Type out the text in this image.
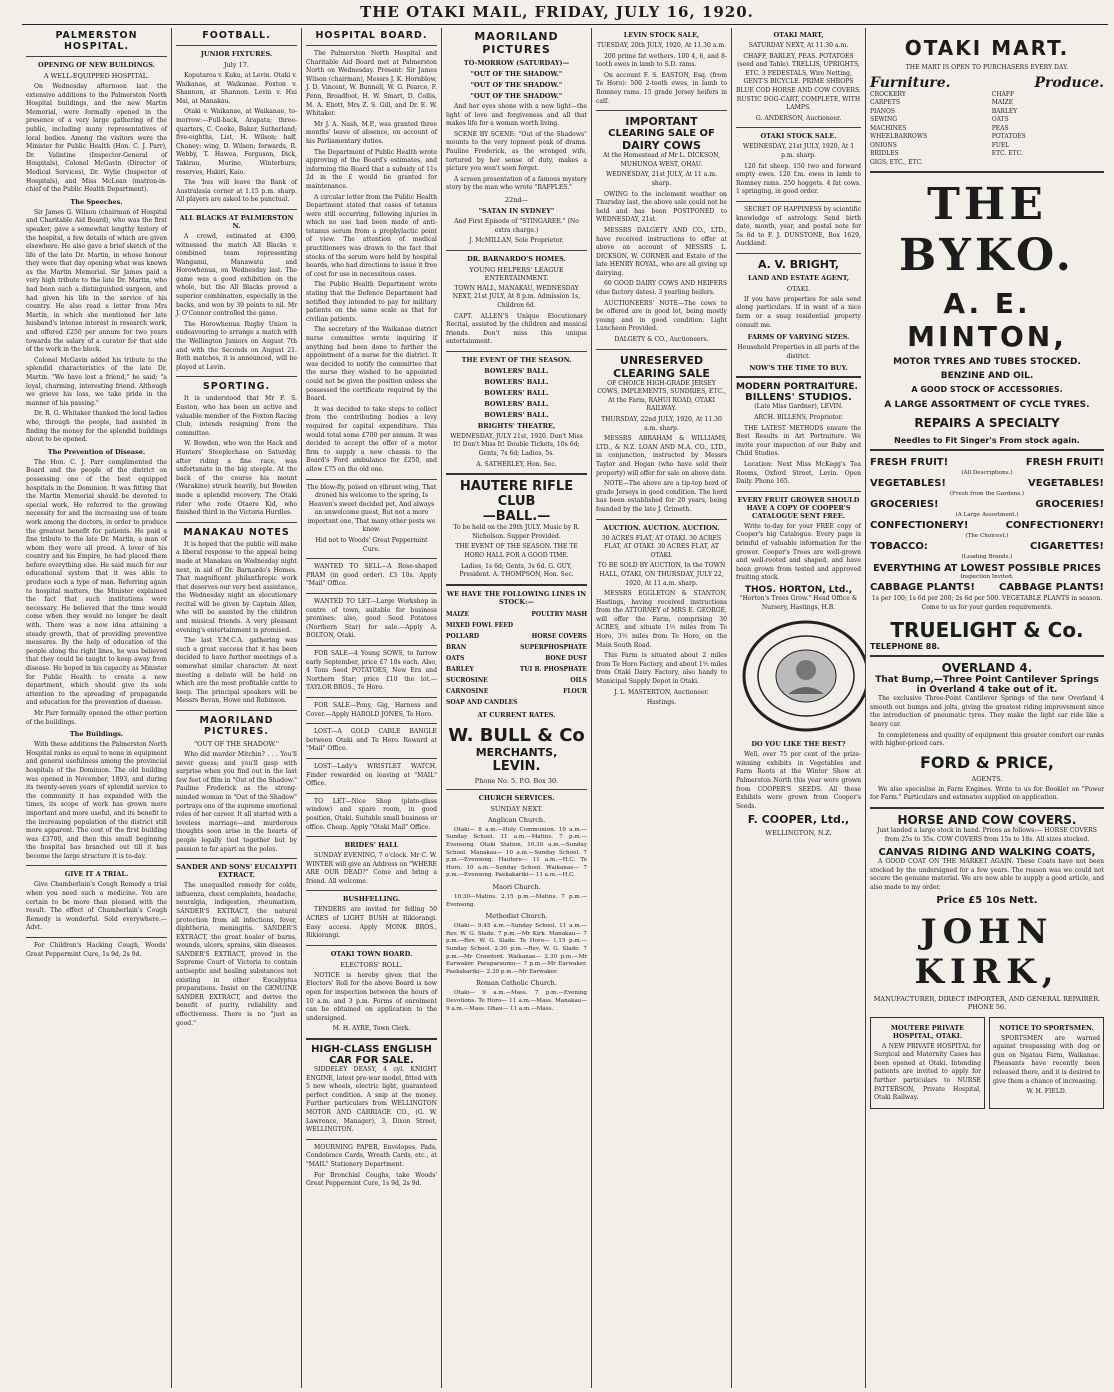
THE OTAKI MAIL, FRIDAY, JULY 16, 1920.
PALMERSTON HOSPITAL.
OPENING OF NEW BUILDINGS.
A WELL-EQUIPPED HOSPITAL.

On Wednesday afternoon last the extensive additions to the Palmerston North Hospital buildings, and the new Martin Memorial, were formally opened in the presence of a very large gathering of the public, including many representatives of local bodies. Among the visitors were the Minister for Public Health (Hon. C. J. Parr), Dr. Valintine (Inspector-General of Hospitals), Colonel McGavin (Director of Medical Services), Dr. Wylie (Inspector of Hospitals), and Miss McLean (matron-in-chief of the Public Health Department).

The Speeches.

Sir James G. Wilson (chairman of Hospital and Charitable Aid Board), who was the first speaker, gave a somewhat lengthy history of the hospital, a few details of which are given elsewhere. He also gave a brief sketch of the life of the late Dr. Martin, in whose honour they were that day opening what was known as the Martin Memorial. Sir James paid a very high tribute to the late Dr. Martin, who had been such a distinguished surgeon, and had given his life in the service of his country. He also read a letter from Mrs Martin, in which she mentioned her late husband's intense interest in research work, and offered £250 per annum for two years towards the salary of a curator for that side of the work in the block.

Colonel McGavin added his tribute to the splendid characteristics of the late Dr. Martin. "We have lost a friend," he said; "a loyal, charming, interesting friend. Although we grieve his loss, we take pride in the manner of his passing."

Dr. R. G. Whitaker thanked the local ladies who, through the people, had assisted in finding the money for the splendid buildings about to be opened.

The Prevention of Disease.

The Hon. C. J. Parr complimented the Board and the people of the district on possessing one of the best equipped hospitals in the Dominion. It was fitting that the Martin Memorial should be devoted to special work. He referred to the growing necessity for and the increasing use of team work among the doctors, in order to produce the greatest benefit for patients. He paid a fine tribute to the late Dr. Martin, a man of whom they were all proud. A lover of his country and his Empire, he had placed them before everything else. He said much for our educational system that it was able to produce such a type of man. Referring again to hospital matters, the Minister explained the fact that such institutions were necessary. He believed that the time would come when they would no longer be dealt with. There was a new idea attaining a steady growth, that of providing preventive measures. By the help of education of the people along the right lines, he was believed that they could be taught to keep away from disease. He hoped in his capacity as Minister for Public Health to create a new department, which should give its sole attention to the spreading of propaganda and education for the prevention of disease.

Mr Parr formally opened the other portion of the buildings.

The Buildings.

With these additions the Palmerston North Hospital ranks as equal to none in equipment and general usefulness among the provincial hospitals of the Dominion. The old building was opened in November, 1893, and during its twenty-seven years of splendid service to the community it has expanded with the times, its scope of work has grown more important and more useful, and its benefit to the increasing population of the district still more apparent. The cost of the first building was £3700, and then this small beginning the hospital has branched out till it has become the large structure it is to-day.

GIVE IT A TRIAL.

Give Chamberlain's Cough Remedy a trial when you need such a medicine. You are certain to be more than pleased with the result. The effect of Chamberlain's Cough Remedy is wonderful. Sold everywhere.—Advt.

For Children's Hacking Cough, Woods' Great Peppermint Cure, 1s 9d, 2s 9d.

FOOTBALL.
JUNIOR FIXTURES.
July 17.

Koputaroa v. Kuku, at Levin. Otaki v. Waikanae, at Waikanae. Foxton v. Shannon, at Shannon. Levin v. Hui Mai, at Manakau.

Otaki v. Waikanae, at Waikanae, to-morrow:—Full-back, Arapata; three-quarters, C. Cooke, Baker, Sutherland; five-eighths, List, H. Wilson; half, Chaney; wing, D. Wilson; forwards, R. Webby, T. Hawea, Ferguson, Dick, Takirau, Murino, Winterbura; reserves, Hakiri, Kaio.

The 'bus will leave the Bank of Australasia corner at 1.15 p.m. sharp. All players are asked to be punctual.

ALL BLACKS AT PALMERSTON N.

A crowd, estimated at 4300, witnessed the match All Blacks v. combined team representing Wanganui, Manawatu and Horowhenua, on Wednesday last. The game was a good exhibition on the whole, but the All Blacks proved a superior combination, especially in the backs, and won by 39 points to nil. Mr J. O'Connor controlled the game.

The Horowhenua Rugby Union is endeavouring to arrange a match with the Wellington Juniors on August 7th and with the Seconds on August 21. Both matches, it is announced, will be played at Levin.

SPORTING.

It is understood that Mr F. S. Easton, who has been an active and valuable member of the Foxton Racing Club, intends resigning from the committee.

W. Bowden, who won the Hack and Hunters' Steeplechase on Saturday, after riding a fine race, was unfortunate in the big steeple. At the back of the course his mount (Warakino) struck heavily, but Bowden made a splendid recovery. The Otaki rider who rode Otaere Kid, who finished third in the Victoria Hurdles.

MANAKAU NOTES

It is hoped that the public will make a liberal response to the appeal being made at Manakau on Wednesday night next, in aid of Dr. Barnardo's Homes. That magnificent philanthropic work that deserves our very best assistance, the Wednesday night an elocutionary recital will be given by Captain Allen, who will be assisted by the children and musical friends. A very pleasant evening's entertainment is promised.

The last Y.M.C.A. gathering was such a great success that it has been decided to have further meetings of a somewhat similar character. At next meeting a debate will be held on which are the most profitable cattle to keep. The principal speakers will be Messrs Bevan, Howe and Robinson.

MAORILAND PICTURES.
"OUT OF THE SHADOW."

Who did murder Mitchin? . . . You'll never guess; and you'll gasp with surprise when you find out in the last few feet of film in "Out of the Shadow." Pauline Frederick as the strong-minded woman in "Out of the Shadow" portrays one of the supreme emotional roles of her career. It all started with a loveless marriage—and murderous thoughts soon arise in the hearts of people legally tied together but by passion to far apart as the poles.

SANDER AND SONS' EUCALYPTI EXTRACT.

The unequalled remedy for colds, influenza, chest complaints, headache, neuralgia, indigestion, rheumatism, SANDER'S EXTRACT, the natural protection from all infections, fever, diphtheria, meningitis. SANDER'S EXTRACT, the great healer of burns, wounds, ulcers, sprains, skin diseases. SANDER'S EXTRACT, proved in the Supreme Court of Victoria to contain antiseptic and healing substances not existing in other Eucalyptus preparations. Insist on the GENUINE SANDER EXTRACT, and derive the benefit of purity, reliability and effectiveness. There is no "just as good."

HOSPITAL BOARD.

The Palmerston North Hospital and Charitable Aid Board met at Palmerston North on Wednesday. Present: Sir James Wilson (chairman), Messrs J. K. Hornblow, J. D. Vincent, W. Bunnell, W. G. Pearce, F. Penn, Broadfoot, H. W. Smart, D. Collis, M. A. Eliott, Mrs Z. S. Gill, and Dr. E. W. Whitaker.

Mr J. A. Nash, M.P., was granted three months' leave of absence, on account of his Parliamentary duties.

The Department of Public Health wrote approving of the Board's estimates, and informing the Board that a subsidy of 11s 2d in the £ would be granted for maintenance.

A circular letter from the Public Health Department stated that cases of tetanus were still occurring, following injuries in which no use had been made of anti-tetanus serum from a prophylactic point of view. The attention of medical practitioners was drawn to the fact that stocks of the serum were held by hospital boards, who had directions to issue it free of cost for use in necessitous cases.

The Public Health Department wrote stating that the Defence Department had notified they intended to pay for military patients on the same scale as that for civilian patients.

The secretary of the Waikanae district nurse committee wrote inquiring if anything had been done to further the appointment of a nurse for the district. It was decided to notify the committee that the nurse they wished to be appointed could not be given the position unless she possessed the certificate required by the Board.

It was decided to take steps to collect from the contributing bodies a levy required for capital expenditure. This would total some £700 per annum. It was decided to accept the offer of a motor firm to supply a new chassis to the Board's Ford ambulance for £250, and allow £75 on the old one.

The blow-fly, poised on vibrant wing, That droned his welcome to the spring, Is Heaven's sweet decided pet, And always an unwelcome guest, But not a more important one, That many other pests we know.

Hid not to Woods' Great Peppermint Cure.

WANTED TO SELL—A Rose-shaped PRAM (in good order). £3 10s. Apply "Mail" Office.

WANTED TO LET—Large Workshop in centre of town, suitable for business premises; also, good Seed Potatoes (Northern Star) for sale.—Apply A. BOLTON, Otaki.

FOR SALE—4 Young SOWS, to farrow early September, price £7 10s each. Also, 4 Tons Seed POTATOES, New Era and Northern Star; price £10 the lot.—TAYLOR BROS., Te Horo.

FOR SALE—Pony, Gig, Harness and Cover.—Apply HAROLD JONES, Te Horo.

LOST—A GOLD CABLE BANGLE between Otaki and Te Horo. Reward at "Mail" Office.

LOST—Lady's WRISTLET WATCH. Finder rewarded on leaving at "MAIL" Office.

TO LET—Nice Shop (plate-glass window) and spare room, in good position, Otaki. Suitable small business or office. Cheap. Apply "Otaki Mail" Office.

BRIDES' HALL

SUNDAY EVENING, 7 o'clock. Mr C. W. WINTER will give an Address on "WHERE ARE OUR DEAD?" Come and bring a friend. All welcome.

BUSHFELLING.

TENDERS are invited for felling 50 ACRES of LIGHT BUSH at Rikiorangi. Easy access. Apply MONK BROS., Rikiorangi.

OTAKI TOWN BOARD.
ELECTORS' ROLL.

NOTICE is hereby given that the Electors' Roll for the above Board is now open for inspection between the hours of 10 a.m. and 3 p.m. Forms of enrolment can be obtained on application to the undersigned.

M. H. AYRE, Town Clerk.

HIGH-CLASS ENGLISH CAR FOR SALE.

SIDDELEY DEASY, 4 cyl. KNIGHT ENGINE, latest pre-war model, fitted with 5 new wheels, electric light, guaranteed perfect condition. A snip at the money. Further particulars from WELLINGTON MOTOR AND CARRIAGE CO., (G. W. Lawrence, Manager), 3, Dixon Street, WELLINGTON.

MOURNING PAPER, Envelopes, Pads, Condolence Cards, Wreath Cards, etc., at "MAIL" Stationery Department.

For Bronchial Coughs, take Woods' Great Peppermint Cure, 1s 9d, 2s 9d.

MAORILAND PICTURES
TO-MORROW (SATURDAY)—
"OUT OF THE SHADOW."
"OUT OF THE SHADOW."
"OUT OF THE SHADOW."

And her eyes shone with a new light—the light of love and forgiveness and all that makes life for a woman worth living.

SCENE BY SCENE: "Out of the Shadows" mounts to the very topmost peak of drama. Pauline Frederick, as the wronged wife, tortured by her sense of duty, makes a picture you won't soon forget.

A screen presentation of a famous mystery story by the man who wrote "RAFFLES."

22nd—
"SATAN IN SYDNEY"

And First Episode of "STINGAREE." (No extra charge.)

J. McMILLAN, Sole Proprietor.

DR. BARNARDO'S HOMES.
YOUNG HELPERS' LEAGUE ENTERTAINMENT.

TOWN HALL, MANAKAU, WEDNESDAY NEXT, 21st JULY, At 8 p.m. Admission 1s, Children 6d.

CAPT. ALLEN'S Unique Elocutionary Recital, assisted by the children and musical friends. Don't miss this unique entertainment.

THE EVENT OF THE SEASON.
BOWLERS' BALL.
BOWLERS' BALL.
BOWLERS' BALL.
BOWLERS' BALL.
BOWLERS' BALL.
BRIGHTS' THEATRE,

WEDNESDAY, JULY 21st, 1920. Don't Miss It! Don't Miss It! Double Tickets, 10s 6d; Gents, 7s 6d; Ladies, 5s.

A. SATHERLEY, Hon. Sec.

HAUTERE RIFLE CLUB
—BALL.—

To be held on the 29th JULY. Music by R. Nicholson. Supper Provided.

THE EVENT OF THE SEASON. THE TE HORO HALL FOR A GOOD TIME.

Ladies, 1s 6d; Gents, 3s 6d. G. GUY, President. A. THOMPSON, Hon. Sec.

WE HAVE THE FOLLOWING LINES IN STOCK:—
MAIZE	POULTRY MASH
MIXED FOWL FEED
POLLARD	HORSE COVERS
BRAN	SUPERPHOSPHATE
OATS	BONE DUST
BARLEY	TUI B. PHOSPHATE
SUCROSINE	OILS
CARNOSINE	FLOUR
SOAP AND CANDLES
AT CURRENT RATES.
W. BULL & Co
MERCHANTS,
LEVIN.
Phone No. 5. P.O. Box 30.
CHURCH SERVICES.
SUNDAY NEXT.
Anglican Church.

Otaki— 8 a.m.—Holy Communion. 10 a.m.—Sunday School. 11 a.m.—Matins. 7 p.m.—Evensong. Otaki Station, 10.30 a.m.—Sunday School. Manakau— 10 a.m.—Sunday School. 7 p.m.—Evensong. Hautere— 11 a.m.—H.C. Te Horo, 10 a.m.—Sunday School. Waikanae— 7 p.m.—Evensong. Paekakariki— 11 a.m.—H.C.

Maori Church.

10.30—Matins. 2.15 p.m.—Matins. 7 p.m.—Evensong.

Methodist Church.

Otaki— 9.45 a.m.—Sunday School. 11 a.m.—Rev. W. G. Slade. 7 p.m.—Mr Kirk. Manakau— 7 p.m.—Rev. W. G. Slade. Te Horo— 1.15 p.m.—Sunday School. 2.30 p.m.—Rev. W. G. Slade. 7 p.m.—Mr Crawford. Waikanae— 2.30 p.m.—Mr Earwaker. Paraparaumu— 7 p.m.—Mr Earwaker. Paekakariki— 2.30 p.m.—Mr Earwaker.

Roman Catholic Church.

Otaki— 9 a.m.—Mass. 7 p.m.—Evening Devotions. Te Horo— 11 a.m.—Mass. Manakau— 9 a.m.—Mass. Ohau— 11 a.m.—Mass.

LEVIN STOCK SALE,

TUESDAY, 20th JULY, 1920, At 11.30 a.m.

200 prime fat wethers. 100 4, 6, and 8-tooth ewes in lamb to S.D. rams.

On account F. S. EASTON, Esq. (from Te Horo): 500 2-tooth ewes, in lamb to Romney rams. 15 grade Jersey heifers in calf.

IMPORTANT
CLEARING SALE OF
DAIRY COWS

At the Homestead of Mr L. DICKSON, MUHUNOA WEST, OHAU.

WEDNESDAY, 21st JULY, At 11 a.m. sharp.

OWING to the inclement weather on Thursday last, the above sale could not be held and has been POSTPONED to WEDNESDAY, 21st.

MESSRS DALGETY AND CO., LTD., have received instructions to offer at above on account of MESSRS L. DICKSON, W. CORNER and Estate of the late HENRY ROYAL, who are all giving up dairying.

60 GOOD DAIRY COWS AND HEIFERS (due factory dates). 3 yearling heifers.

AUCTIONEERS' NOTE—The cows to be offered are in good lot, being mostly young and in good condition. Light Luncheon Provided.

DALGETY & CO., Auctioneers.

UNRESERVED
CLEARING SALE

OF CHOICE HIGH-GRADE JERSEY COWS, IMPLEMENTS, SUNDRIES, ETC., At the Farm, RAHUI ROAD, OTAKI RAILWAY.

THURSDAY, 22nd JULY, 1920, At 11.30 a.m. sharp.

MESSRS ABRAHAM & WILLIAMS, LTD., & N.Z. LOAN AND M.A. CO., LTD., in conjunction, instructed by Messrs Taylor and Hogan (who have sold their property) will offer for sale on above date.

NOTE—The above are a tip-top herd of grade Jerseys in good condition. The herd has been established for 20 years, being founded by the late J. Grimeth.

AUCTION. AUCTION. AUCTION.

30 ACRES FLAT, AT OTAKI. 30 ACRES FLAT, AT OTAKI. 30 ACRES FLAT, AT OTAKI.

TO BE SOLD BY AUCTION, In the TOWN HALL, OTAKI, ON THURSDAY, JULY 22, 1920, At 11 a.m. sharp.

MESSRS EGGLETON & STANTON, Hastings, having received instructions from the ATTORNEY of MRS E. GEORGE, will offer the Farm, comprising 30 ACRES, and situate 1½ miles from Te Horo, 3½ miles from Te Horo, on the Main South Road.

This Farm is situated about 2 miles from Te Horo Factory, and about 1½ miles from Otaki Dairy Factory, also handy to Municipal Supply Depot in Otaki.

J. L. MASTERTON, Auctioneer.

Hastings.

OTAKI MART,

SATURDAY NEXT, At 11.30 a.m.

CHAFF, BARLEY, PEAS. POTATOES (seed and Table). TRELLIS, UPRIGHTS, ETC. 3 PEDESTALS, Wire Netting, GENT'S BICYCLE. PRIME SHROPS BLUE COD HORSE AND COW COVERS. RUSTIC DOG-CART, COMPLETE, WITH LAMPS.

G. ANDERSON, Auctioneer.

OTAKI STOCK SALE.

WEDNESDAY, 21st JULY, 1920, At 1 p.m. sharp.

120 fat sheep. 150 two and forward empty ewes. 120 f.m. ewes in lamb to Romney rams. 250 hoggets. 4 fat cows. 1 springing, in good order.

SECRET OF HAPPINESS by scientific knowledge of astrology. Send birth date, month, year, and postal note for 5s 6d to F. J. DUNSTONE, Box 1629, Auckland.

A. V. BRIGHT,
LAND AND ESTATE AGENT,
OTAKI.

If you have properties for sale send along particulars. If in want of a nice farm or a snug residential property consult me.

FARMS OF VARYING SIZES.

Household Properties in all parts of the district.

NOW'S THE TIME TO BUY.
MODERN PORTRAITURE.
BILLENS' STUDIOS.

(Late Miss Gardner), LEVIN.

ARCH. BILLENS, Proprietor.

THE LATEST METHODS ensure the Best Results in Art Portraiture. We invite your inspection of our Baby and Child Studies.

Location: Next Miss McKegg's Tea Rooms, Oxford Street, Levin. Open Daily. Phone 165.

EVERY FRUIT GROWER SHOULD HAVE A COPY OF COOPER'S CATALOGUE SENT FREE.

Write to-day for your FREE copy of Cooper's big Catalogue. Every page is brimful of valuable information for the grower. Cooper's Trees are well-grown and well-rooted and shaped, and have been grown from tested and approved fruiting stock.

THOS. HORTON, Ltd.,

"Horton's Trees Grow." Head Office & Nursery, Hastings, H.B.

DO YOU LIKE THE BEST?

Well, over 75 per cent of the prize-winning exhibits in Vegetables and Farm Roots at the Winter Show at Palmerston North this year were grown from COOPER'S SEEDS. All these Exhibits were grown from Cooper's Seeds.

F. COOPER, Ltd.,
WELLINGTON, N.Z.
OTAKI MART.

THE MART IS OPEN TO PURCHASERS EVERY DAY.

Furniture.	Produce.
CROCKERY
CARPETS
PIANOS
SEWING MACHINES
WHEELBARROWS
ONIONS
BRIDLES
GIGS, ETC., ETC.
CHAFF
MAIZE
BARLEY
OATS
PEAS
POTATOES
FUEL
ETC. ETC.
THE BYKO.
A. E. MINTON,
MOTOR TYRES AND TUBES STOCKED.
BENZINE AND OIL.
A GOOD STOCK OF ACCESSORIES.
A LARGE ASSORTMENT OF CYCLE TYRES.
REPAIRS A SPECIALTY
Needles to Fit Singer's From stock again.
FRESH FRUIT!	FRESH FRUIT!
(All Descriptions.)
VEGETABLES!	VEGETABLES!
(Fresh from the Gardens.)
GROCERIES!	GROCERIES!
(A Large Assortment.)
CONFECTIONERY!	CONFECTIONERY!
(The Choicest.)
TOBACCO:	CIGARETTES!
(Leading Brands.)
EVERYTHING AT LOWEST POSSIBLE PRICES
Inspection Invited.
CABBAGE PLANTS! CABBAGE PLANTS!

1s per 100; 1s 6d per 200; 2s 6d per 500. VEGETABLE PLANTS in season. Come to us for your garden requirements.

TRUELIGHT & Co.
TELEPHONE 88.
OVERLAND 4.
That Bump,—Three Point Cantilever Springs in Overland 4 take out of it.

The exclusive Three-Point Cantilever Springs of the new Overland 4 smooth out bumps and jolts, giving the greatest riding improvement since the introduction of pneumatic tyres. They make the light car ride like a heavy car.

In completeness and quality of equipment this greater comfort car ranks with higher-priced cars.

FORD & PRICE,
AGENTS.

We also specialise in Farm Engines. Write to us for Booklet on "Power for Farm." Particulars and estimates supplied on application.

HORSE AND COW COVERS.

Just landed a large stock in hand. Prices as follows:— HORSE COVERS from 25s to 35s. COW COVERS from 15s to 18s. All sizes stocked.

CANVAS RIDING AND WALKING COATS,

A GOOD COAT ON THE MARKET AGAIN. These Coats have not been stocked by the undersigned for a few years. The reason was we could not secure the genuine material. We are now able to supply a good article, and also made to my order.

Price £5 10s Nett.
JOHN KIRK,
MANUFACTURER, DIRECT IMPORTER, AND GENERAL REPAIRER. PHONE 56.
MOUTERE PRIVATE HOSPITAL, OTAKI.

A NEW PRIVATE HOSPITAL for Surgical and Maternity Cases has been opened at Otaki. Intending patients are invited to apply for further particulars to NURSE PATTERSON, Private Hospital, Otaki Railway.

NOTICE TO SPORTSMEN.

SPORTSMEN are warned against trespassing with dog or gun on Ngatau Farm, Waikanae. Pheasants have recently been released there, and it is desired to give them a chance of increasing.

W. H. FIELD.
